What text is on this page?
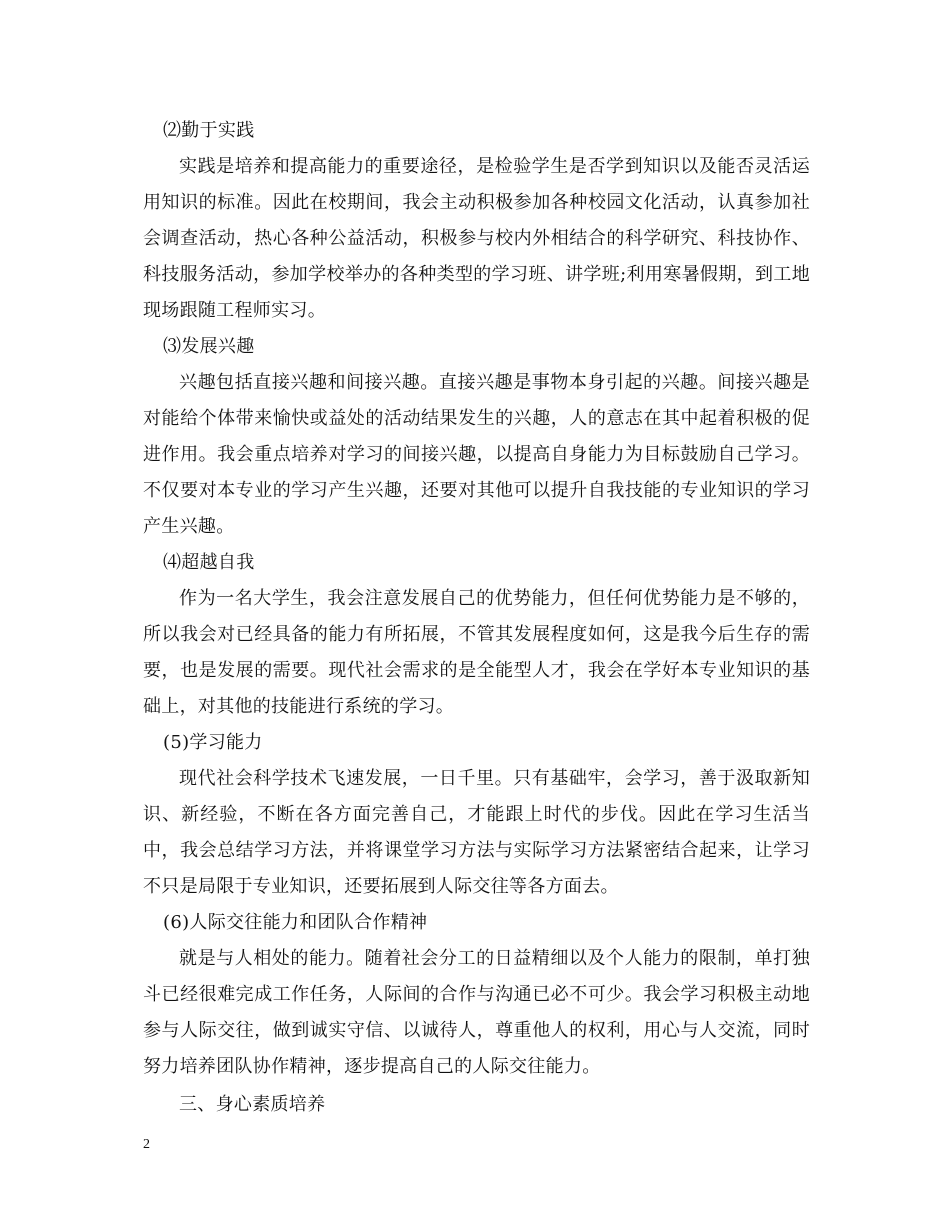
⑵勤于实践

实践是培养和提高能力的重要途径，是检验学生是否学到知识以及能否灵活运用知识的标准。因此在校期间，我会主动积极参加各种校园文化活动，认真参加社会调查活动，热心各种公益活动，积极参与校内外相结合的科学研究、科技协作、科技服务活动，参加学校举办的各种类型的学习班、讲学班;利用寒暑假期，到工地现场跟随工程师实习。

⑶发展兴趣

兴趣包括直接兴趣和间接兴趣。直接兴趣是事物本身引起的兴趣。间接兴趣是对能给个体带来愉快或益处的活动结果发生的兴趣，人的意志在其中起着积极的促进作用。我会重点培养对学习的间接兴趣，以提高自身能力为目标鼓励自己学习。不仅要对本专业的学习产生兴趣，还要对其他可以提升自我技能的专业知识的学习产生兴趣。

⑷超越自我

作为一名大学生，我会注意发展自己的优势能力，但任何优势能力是不够的，所以我会对已经具备的能力有所拓展，不管其发展程度如何，这是我今后生存的需要，也是发展的需要。现代社会需求的是全能型人才，我会在学好本专业知识的基础上，对其他的技能进行系统的学习。

(5)学习能力

现代社会科学技术飞速发展，一日千里。只有基础牢，会学习，善于汲取新知识、新经验，不断在各方面完善自己，才能跟上时代的步伐。因此在学习生活当中，我会总结学习方法，并将课堂学习方法与实际学习方法紧密结合起来，让学习不只是局限于专业知识，还要拓展到人际交往等各方面去。

(6)人际交往能力和团队合作精神

就是与人相处的能力。随着社会分工的日益精细以及个人能力的限制，单打独斗已经很难完成工作任务，人际间的合作与沟通已必不可少。我会学习积极主动地参与人际交往，做到诚实守信、以诚待人，尊重他人的权利，用心与人交流，同时努力培养团队协作精神，逐步提高自己的人际交往能力。

三、身心素质培养

2
